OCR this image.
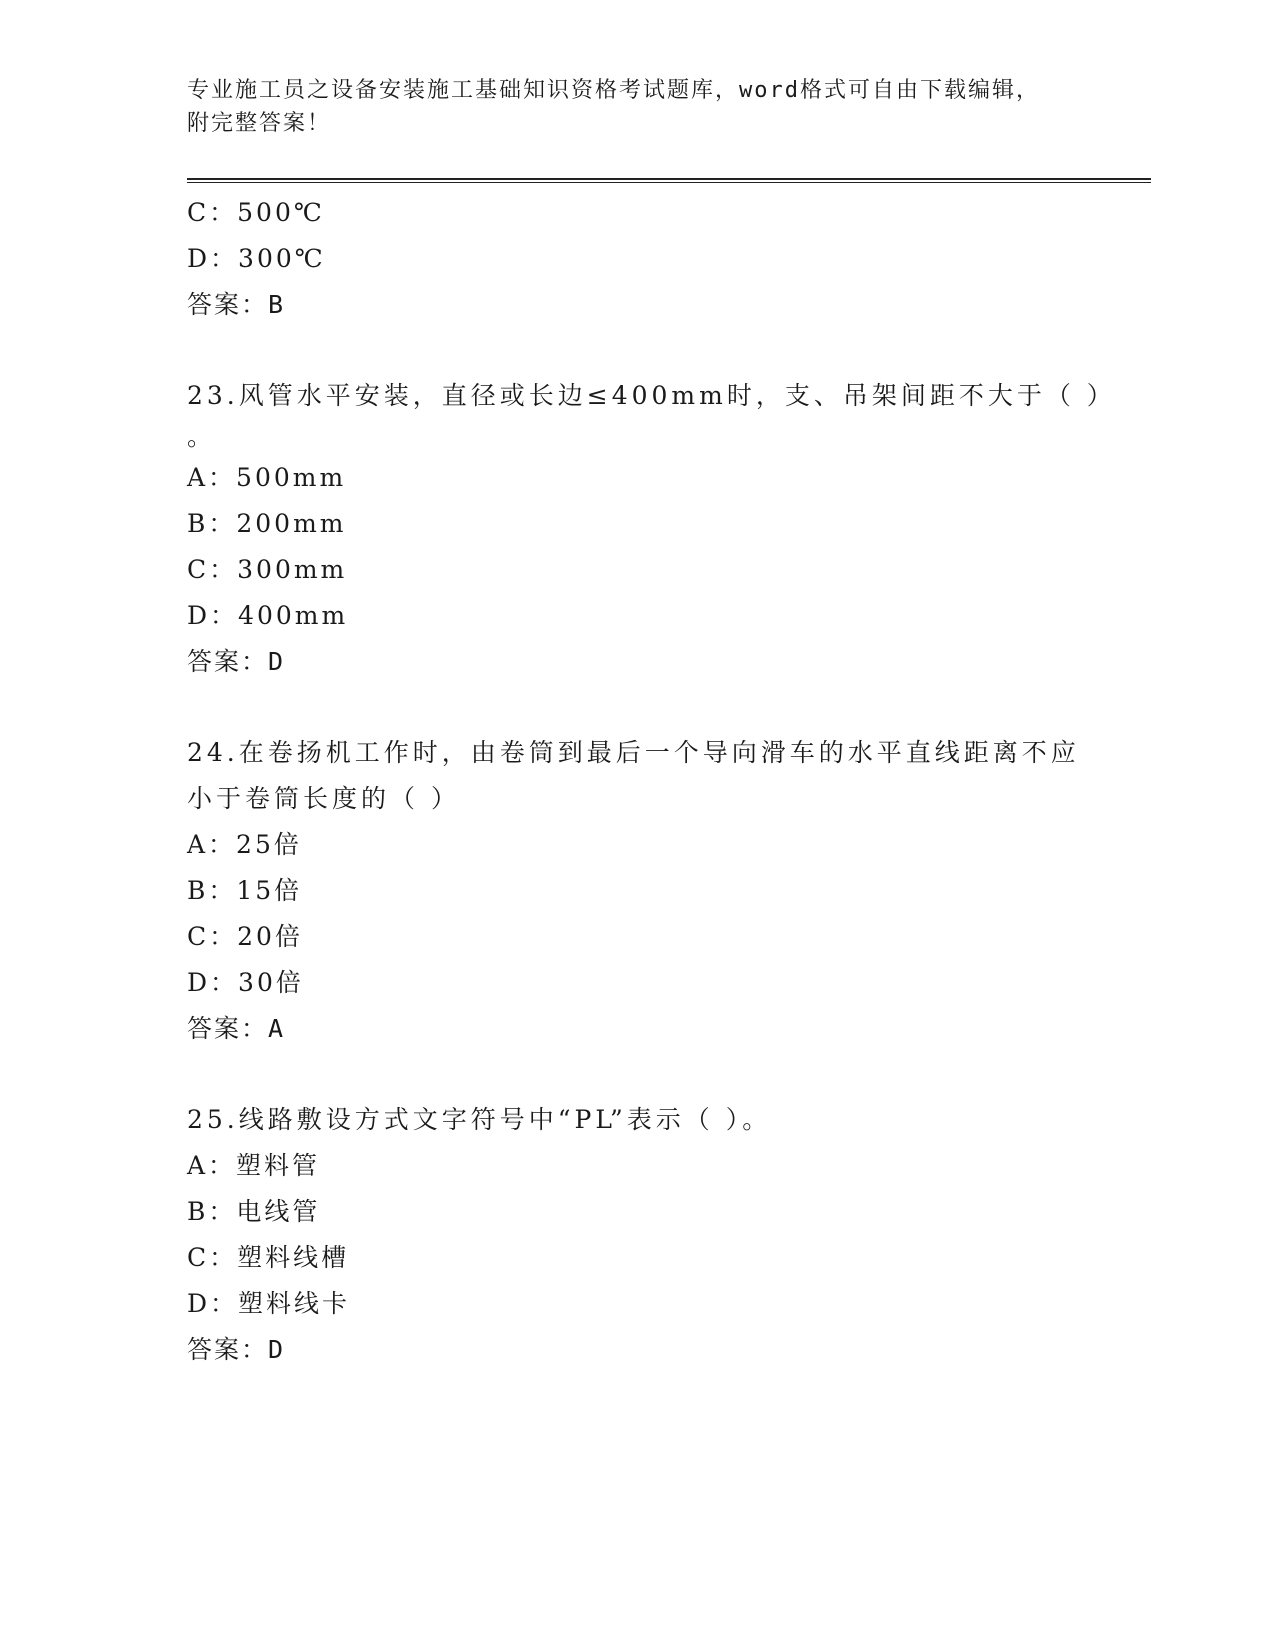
专业施工员之设备安装施工基础知识资格考试题库，word格式可自由下载编辑，
附完整答案！
C：500℃
D：300℃
答案：B
23.风管水平安装，直径或长边≤400mm时，支、吊架间距不大于（ ）
。
A：500mm
B：200mm
C：300mm
D：400mm
答案：D
24.在卷扬机工作时，由卷筒到最后一个导向滑车的水平直线距离不应
小于卷筒长度的（ ）
A：25倍
B：15倍
C：20倍
D：30倍
答案：A
25.线路敷设方式文字符号中“PL”表示（ ）。
A：塑料管
B：电线管
C：塑料线槽
D：塑料线卡
答案：D
